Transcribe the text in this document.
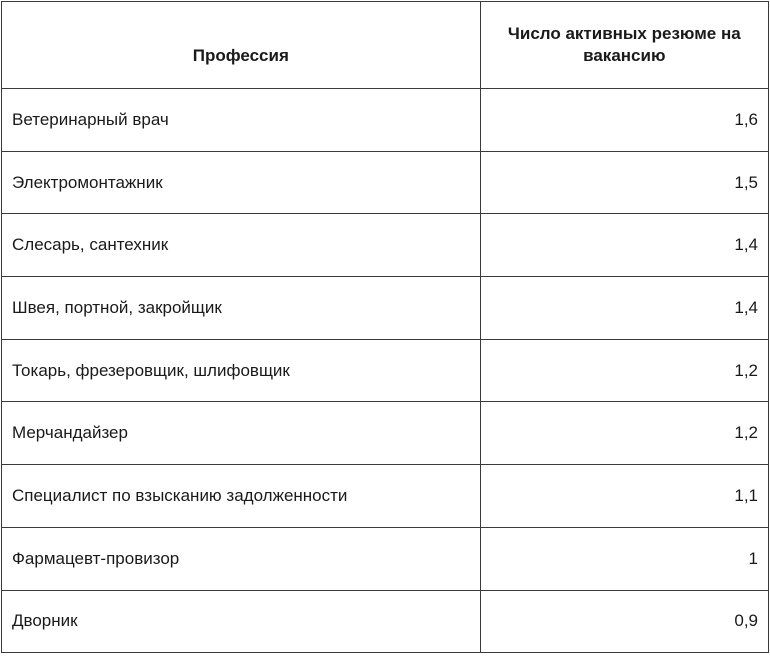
Профессия	Число активных резюме на вакансию
Ветеринарный врач	1,6
Электромонтажник	1,5
Слесарь, сантехник	1,4
Швея, портной, закройщик	1,4
Токарь, фрезеровщик, шлифовщик	1,2
Мерчандайзер	1,2
Специалист по взысканию задолженности	1,1
Фармацевт-провизор	1
Дворник	0,9
